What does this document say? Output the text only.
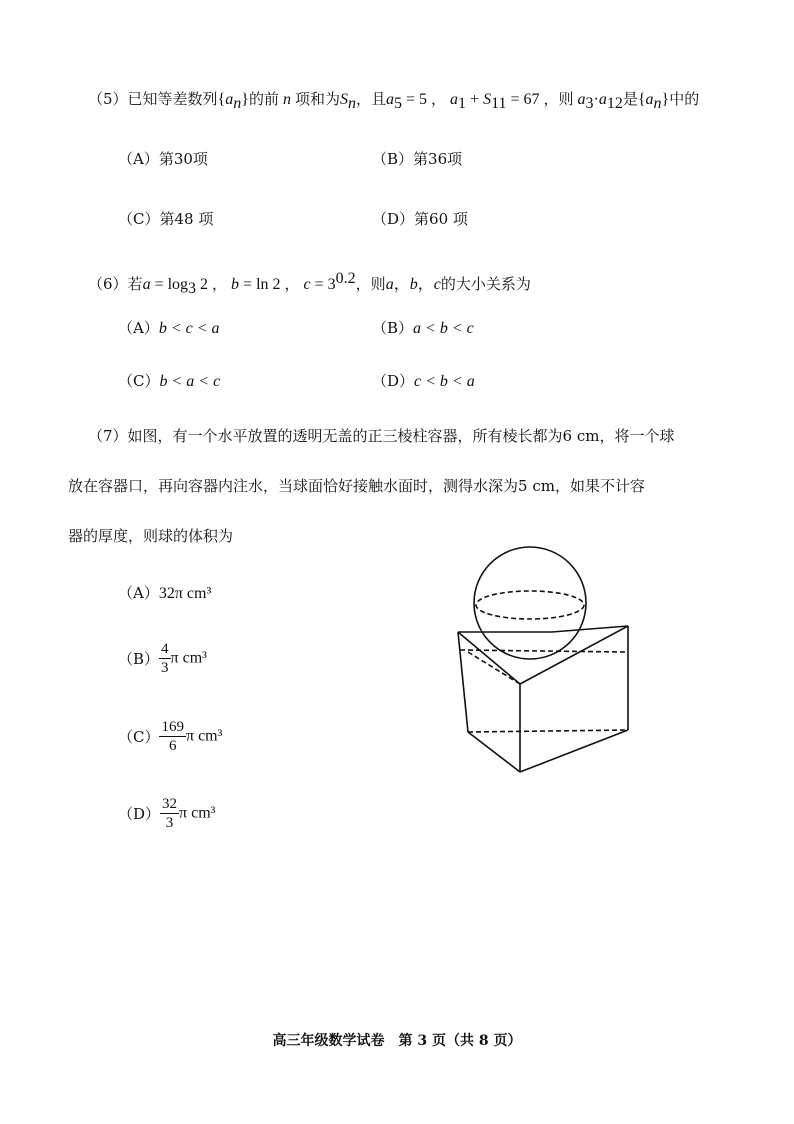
（5）已知等差数列$\{a_n\}$的前 n 项和为$S_n$，且$a_5 = 5$ ， $a_1 + S_{11} = 67$ ，则 $a_3\cdot a_{12}$是$\{a_n\}$中的
（A）第30项	（B）第36项
（C）第48 项	（D）第60 项
（6）若$a = \log_3 2$ ， b = ln 2 ， $c = 3^{0.2}$，则a，b，c的大小关系为
（A）b < c < a	（B）a < b < c
（C）b < a < c	（D）c < b < a
（7）如图，有一个水平放置的透明无盖的正三棱柱容器，所有棱长都为6 cm，将一个球
放在容器口，再向容器内注水，当球面恰好接触水面时，测得水深为5 cm，如果不计容
器的厚度，则球的体积为
（A）32π cm³
$(B) \frac{4}{3}$ π cm³
$(C) \frac{169}{6}$ π cm³
$(D) \frac{32}{3}$ π cm³
高三年级数学试卷　第 3 页（共 8 页）
